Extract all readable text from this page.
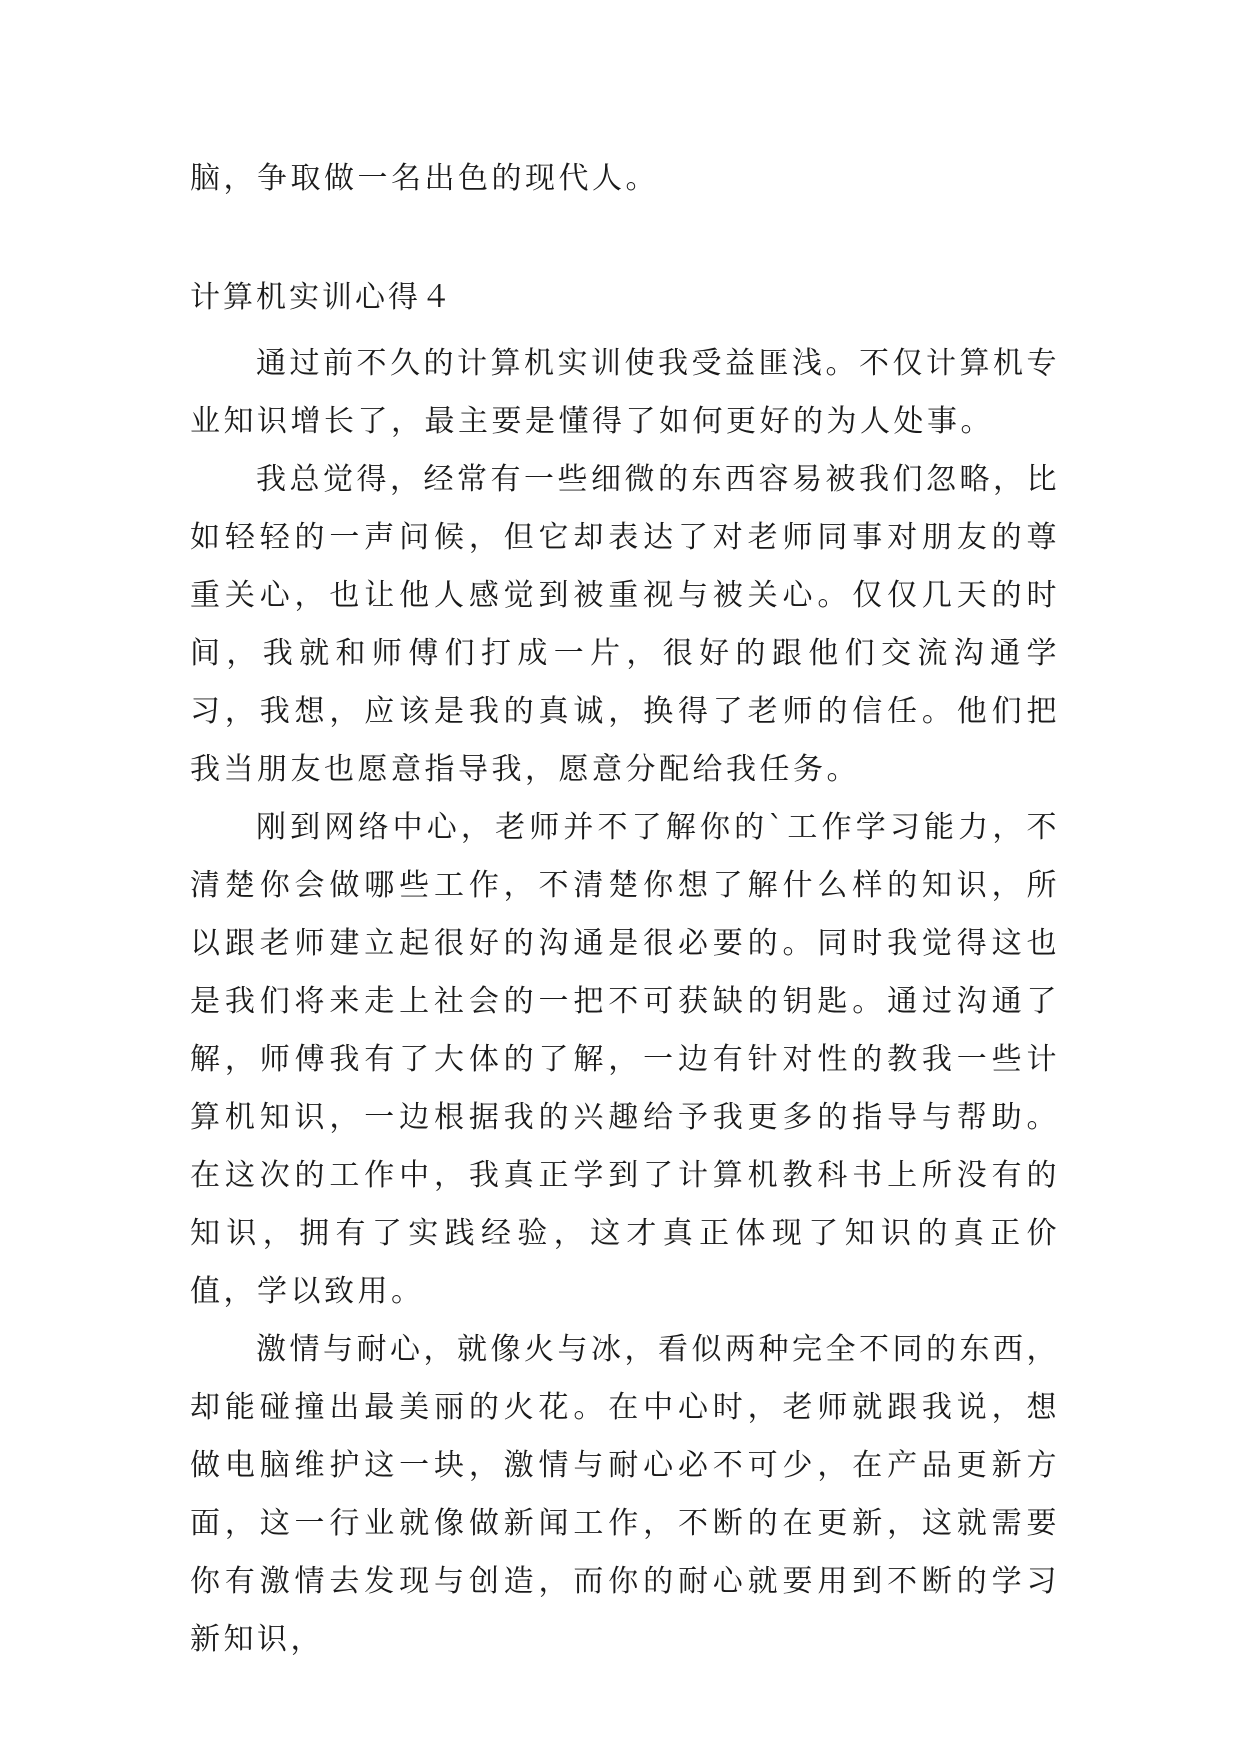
脑，争取做一名出色的现代人。

计算机实训心得４

通过前不久的计算机实训使我受益匪浅。不仅计算机专业知识增长了，最主要是懂得了如何更好的为人处事。

我总觉得，经常有一些细微的东西容易被我们忽略，比如轻轻的一声问候，但它却表达了对老师同事对朋友的尊重关心，也让他人感觉到被重视与被关心。仅仅几天的时间，我就和师傅们打成一片，很好的跟他们交流沟通学习，我想，应该是我的真诚，换得了老师的信任。他们把我当朋友也愿意指导我，愿意分配给我任务。

刚到网络中心，老师并不了解你的`工作学习能力，不清楚你会做哪些工作，不清楚你想了解什么样的知识，所以跟老师建立起很好的沟通是很必要的。同时我觉得这也是我们将来走上社会的一把不可获缺的钥匙。通过沟通了解，师傅我有了大体的了解，一边有针对性的教我一些计算机知识，一边根据我的兴趣给予我更多的指导与帮助。在这次的工作中，我真正学到了计算机教科书上所没有的知识，拥有了实践经验，这才真正体现了知识的真正价值，学以致用。

激情与耐心，就像火与冰，看似两种完全不同的东西，却能碰撞出最美丽的火花。在中心时，老师就跟我说，想做电脑维护这一块，激情与耐心必不可少，在产品更新方面，这一行业就像做新闻工作，不断的在更新，这就需要你有激情去发现与创造，而你的耐心就要用到不断的学习新知识，
